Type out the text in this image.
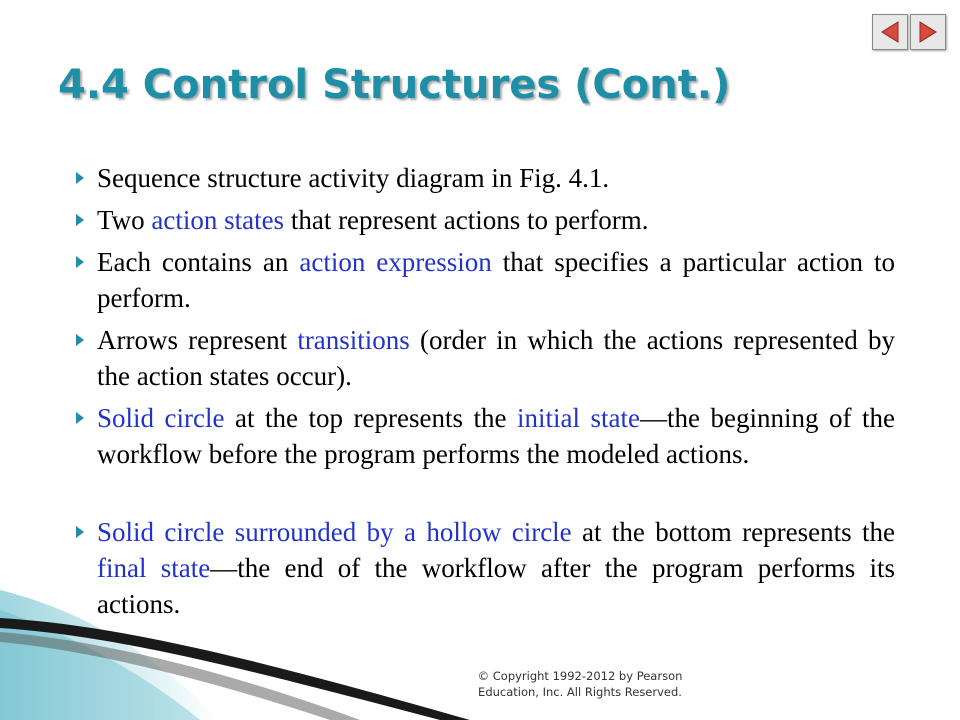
4.4 Control Structures (Cont.)
Sequence structure activity diagram in Fig. 4.1.
Two action states that represent actions to perform.
Each contains an action expression that specifies a particular action to perform.
Arrows represent transitions (order in which the actions represented by the action states occur).
Solid circle at the top represents the initial state—the beginning of the workflow before the program performs the modeled actions.
Solid circle surrounded by a hollow circle at the bottom represents the final state—the end of the workflow after the program performs its actions.
© Copyright 1992-2012 by Pearson
Education, Inc. All Rights Reserved.
